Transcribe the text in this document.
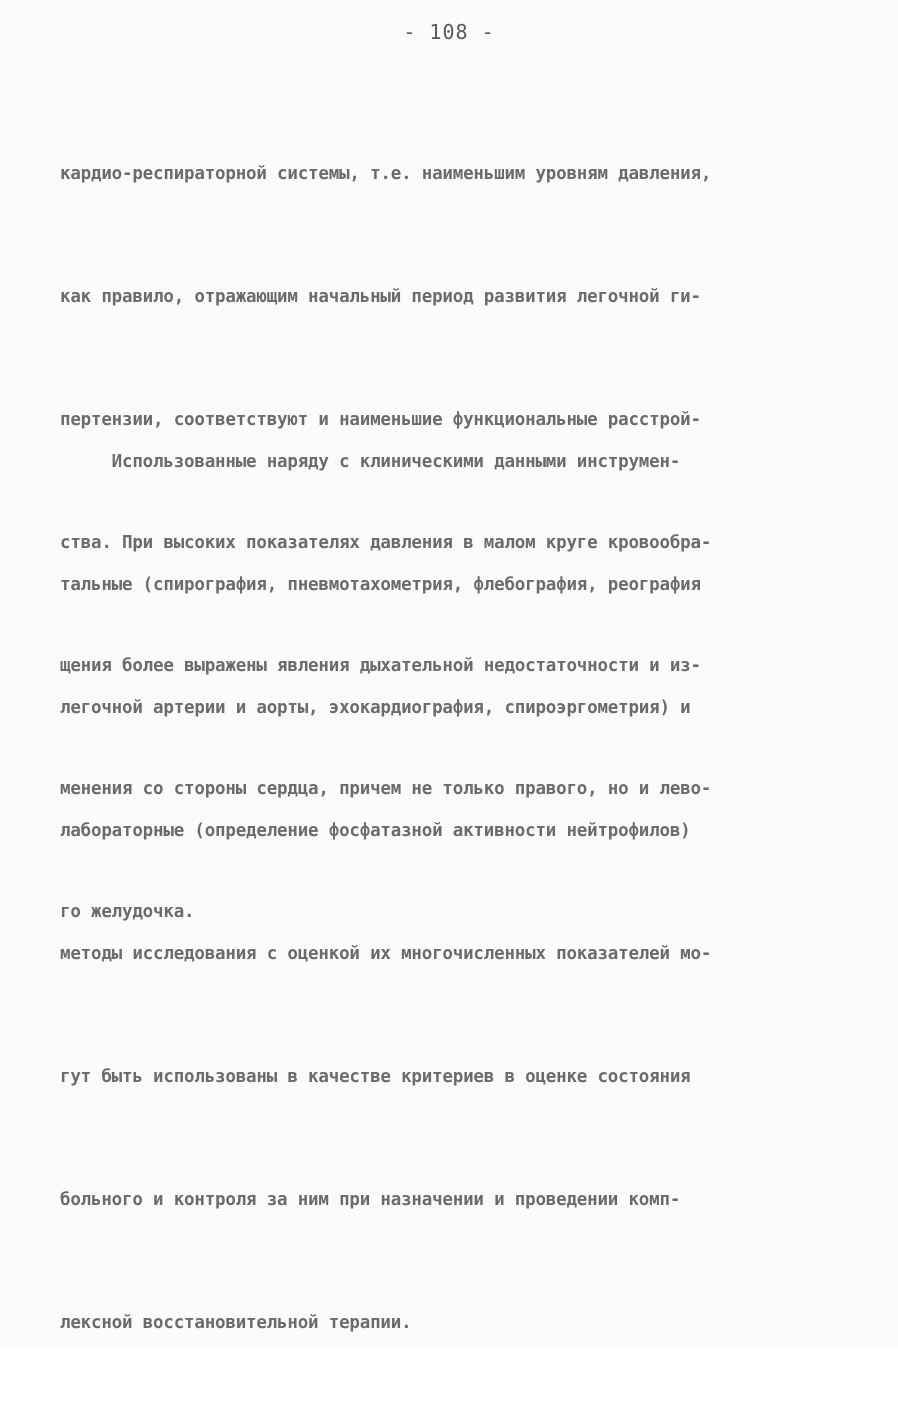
- 108 -

кардио-респираторной системы, т.е. наименьшим уровням давления,

как правило, отражающим начальный период развития легочной ги-

пертензии, соответствуют и наименьшие функциональные расстрой-

ства. При высоких показателях давления в малом круге кровообра-

щения более выражены явления дыхательной недостаточности и из-

менения со стороны сердца, причем не только правого, но и лево-

го желудочка.

Использованные наряду с клиническими данными инструмен-

тальные (спирография, пневмотахометрия, флебография, реография

легочной артерии и аорты, эхокардиография, спироэргометрия) и

лабораторные (определение фосфатазной активности нейтрофилов)

методы исследования с оценкой их многочисленных показателей мо-

гут быть использованы в качестве критериев в оценке состояния

больного и контроля за ним при назначении и проведении комп-

лексной восстановительной терапии.
